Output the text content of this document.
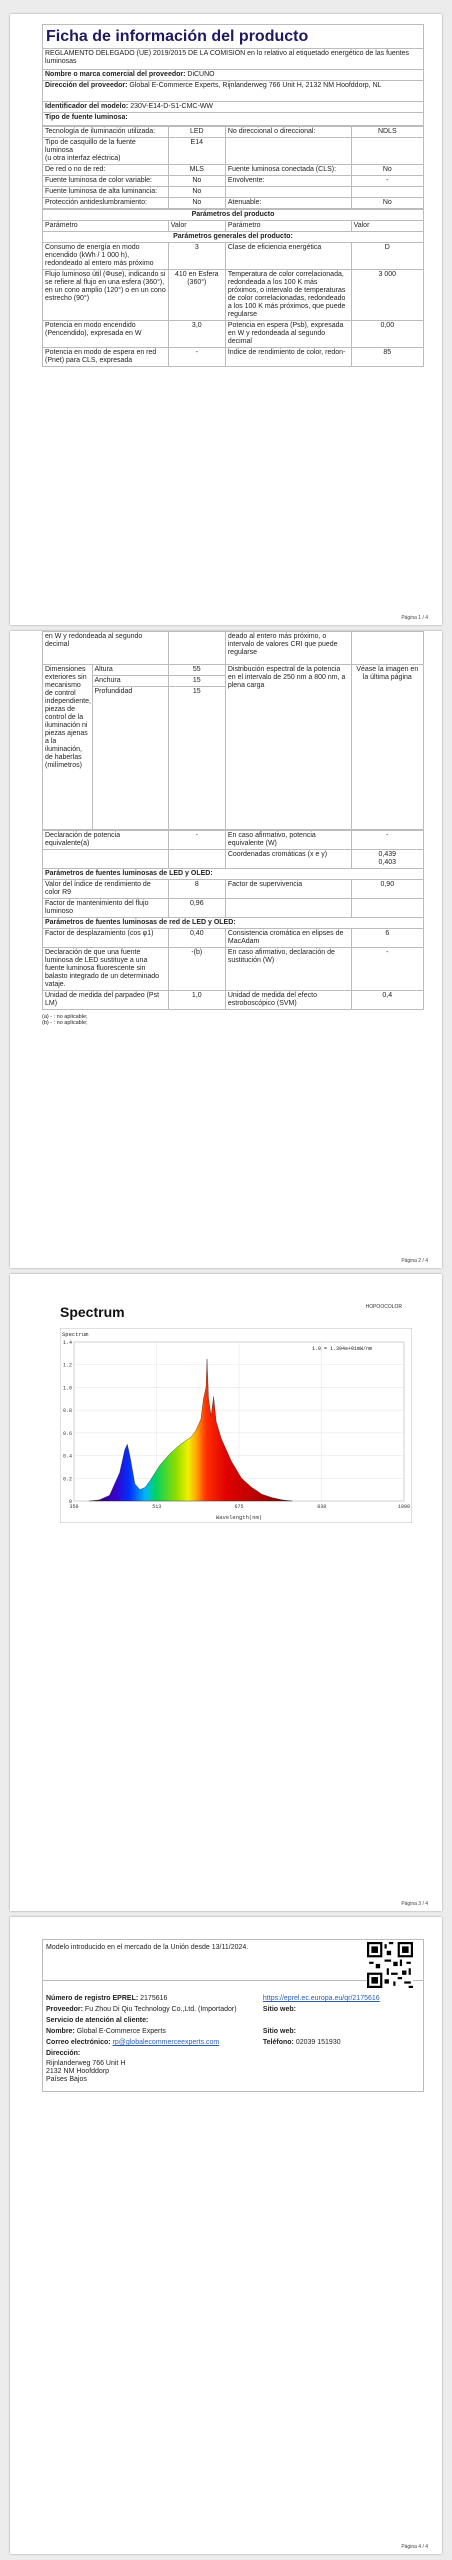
Ficha de información del producto
REGLAMENTO DELEGADO (UE) 2019/2015 DE LA COMISIÓN en lo relativo al etiquetado energético de las fuentes luminosas
Nombre o marca comercial del proveedor: DiCUNO
Dirección del proveedor: Global E-Commerce Experts, Rijnlanderweg 766 Unit H, 2132 NM Hoofddorp, NL
Identificador del modelo: 230V-E14-D-S1-CMC-WW
Tipo de fuente luminosa:
Tecnología de iluminación utilizada:	LED	No direccional o direccional:	NDLS
Tipo de casquillo de la fuente luminosa
(u otra interfaz eléctrica)	E14		
De red o no de red:	MLS	Fuente luminosa conectada (CLS):	No
Fuente luminosa de color variable:	No	Envolvente:	-
Fuente luminosa de alta luminancia:	No		
Protección antideslumbramiento:	No	Atenuable:	No
Parámetros del producto			
Parámetro	Valor	Parámetro	Valor
Parámetros generales del producto:			
Consumo de energía en modo encendido (kWh / 1 000 h), redondeado al entero más próximo	3	Clase de eficiencia energética	D
Flujo luminoso útil (Φuse), indicando si se refiere al flujo en una esfera (360°), en un cono amplio (120°) o en un cono estrecho (90°)	410 en Esfera (360°)	Temperatura de color correlacionada, redondeada a los 100 K más próximos, o intervalo de temperaturas de color correlacionadas, redondeado a los 100 K más próximos, que puede regularse	3 000
Potencia en modo encendido (Pencendido), expresada en W	3,0	Potencia en espera (Psb), expresada en W y redondeada al segundo decimal	0,00
Potencia en modo de espera en red (Pnet) para CLS, expresada	-	Índice de rendimiento de color, redon-	85
Página 1 / 4
en W y redondeada al segundo decimal			deado al entero más próximo, o intervalo de valores CRI que puede regularse	
Dimensiones exteriores sin mecanismo de control independiente, piezas de control de la iluminación ni piezas ajenas a la iluminación, de haberlas (milímetros)	Altura	55	Distribución espectral de la potencia en el intervalo de 250 nm a 800 nm, a plena carga	Véase la imagen en la última página
	Anchura	15		
	Profundidad	15		
Declaración de potencia equivalente(a)	-	En caso afirmativo, potencia equivalente (W)	-
		Coordenadas cromáticas (x e y)	0,439
0,403
Parámetros de fuentes luminosas de LED y OLED:			
Valor del índice de rendimiento de color R9	8	Factor de supervivencia	0,90
Factor de mantenimiento del flujo luminoso	0,96		
Parámetros de fuentes luminosas de red de LED y OLED:			
Factor de desplazamiento (cos φ1)	0,40	Consistencia cromática en elipses de MacAdam	6
Declaración de que una fuente luminosa de LED sustituye a una fuente luminosa fluorescente sin balasto integrado de un determinado vataje.	-(b)	En caso afirmativo, declaración de sustitución (W)	-
Unidad de medida del parpadeo (Pst LM)	1,0	Unidad de medida del efecto estroboscópico (SVM)	0,4
(a) - : no aplicable;
(b) - : no aplicable;
Página 2 / 4
Spectrum	HOPOOCOLOR
0
0.2
0.4
0.6
0.8
1.0
1.2
1.4
350	513	675	838	1000
Spectrum
1.0 = 1.394e+01mW/nm
Wavelength(nm)
Página 3 / 4
Modelo introducido en el mercado de la Unión desde 13/11/2024.
Número de registro EPREL: 2175616	https://eprel.ec.europa.eu/qr/2175616
Proveedor: Fu Zhou Di Qiu Technology Co.,Ltd. (Importador)	Sitio web:
Servicio de atención al cliente:
Nombre: Global E-Commerce Experts	Sitio web:
Correo electrónico: rp@globalecommerceexperts.com	Teléfono: 02039 151930
Dirección:
Rijnlanderweg 766 Unit H
2132 NM Hoofddorp
Países Bajos
Página 4 / 4
